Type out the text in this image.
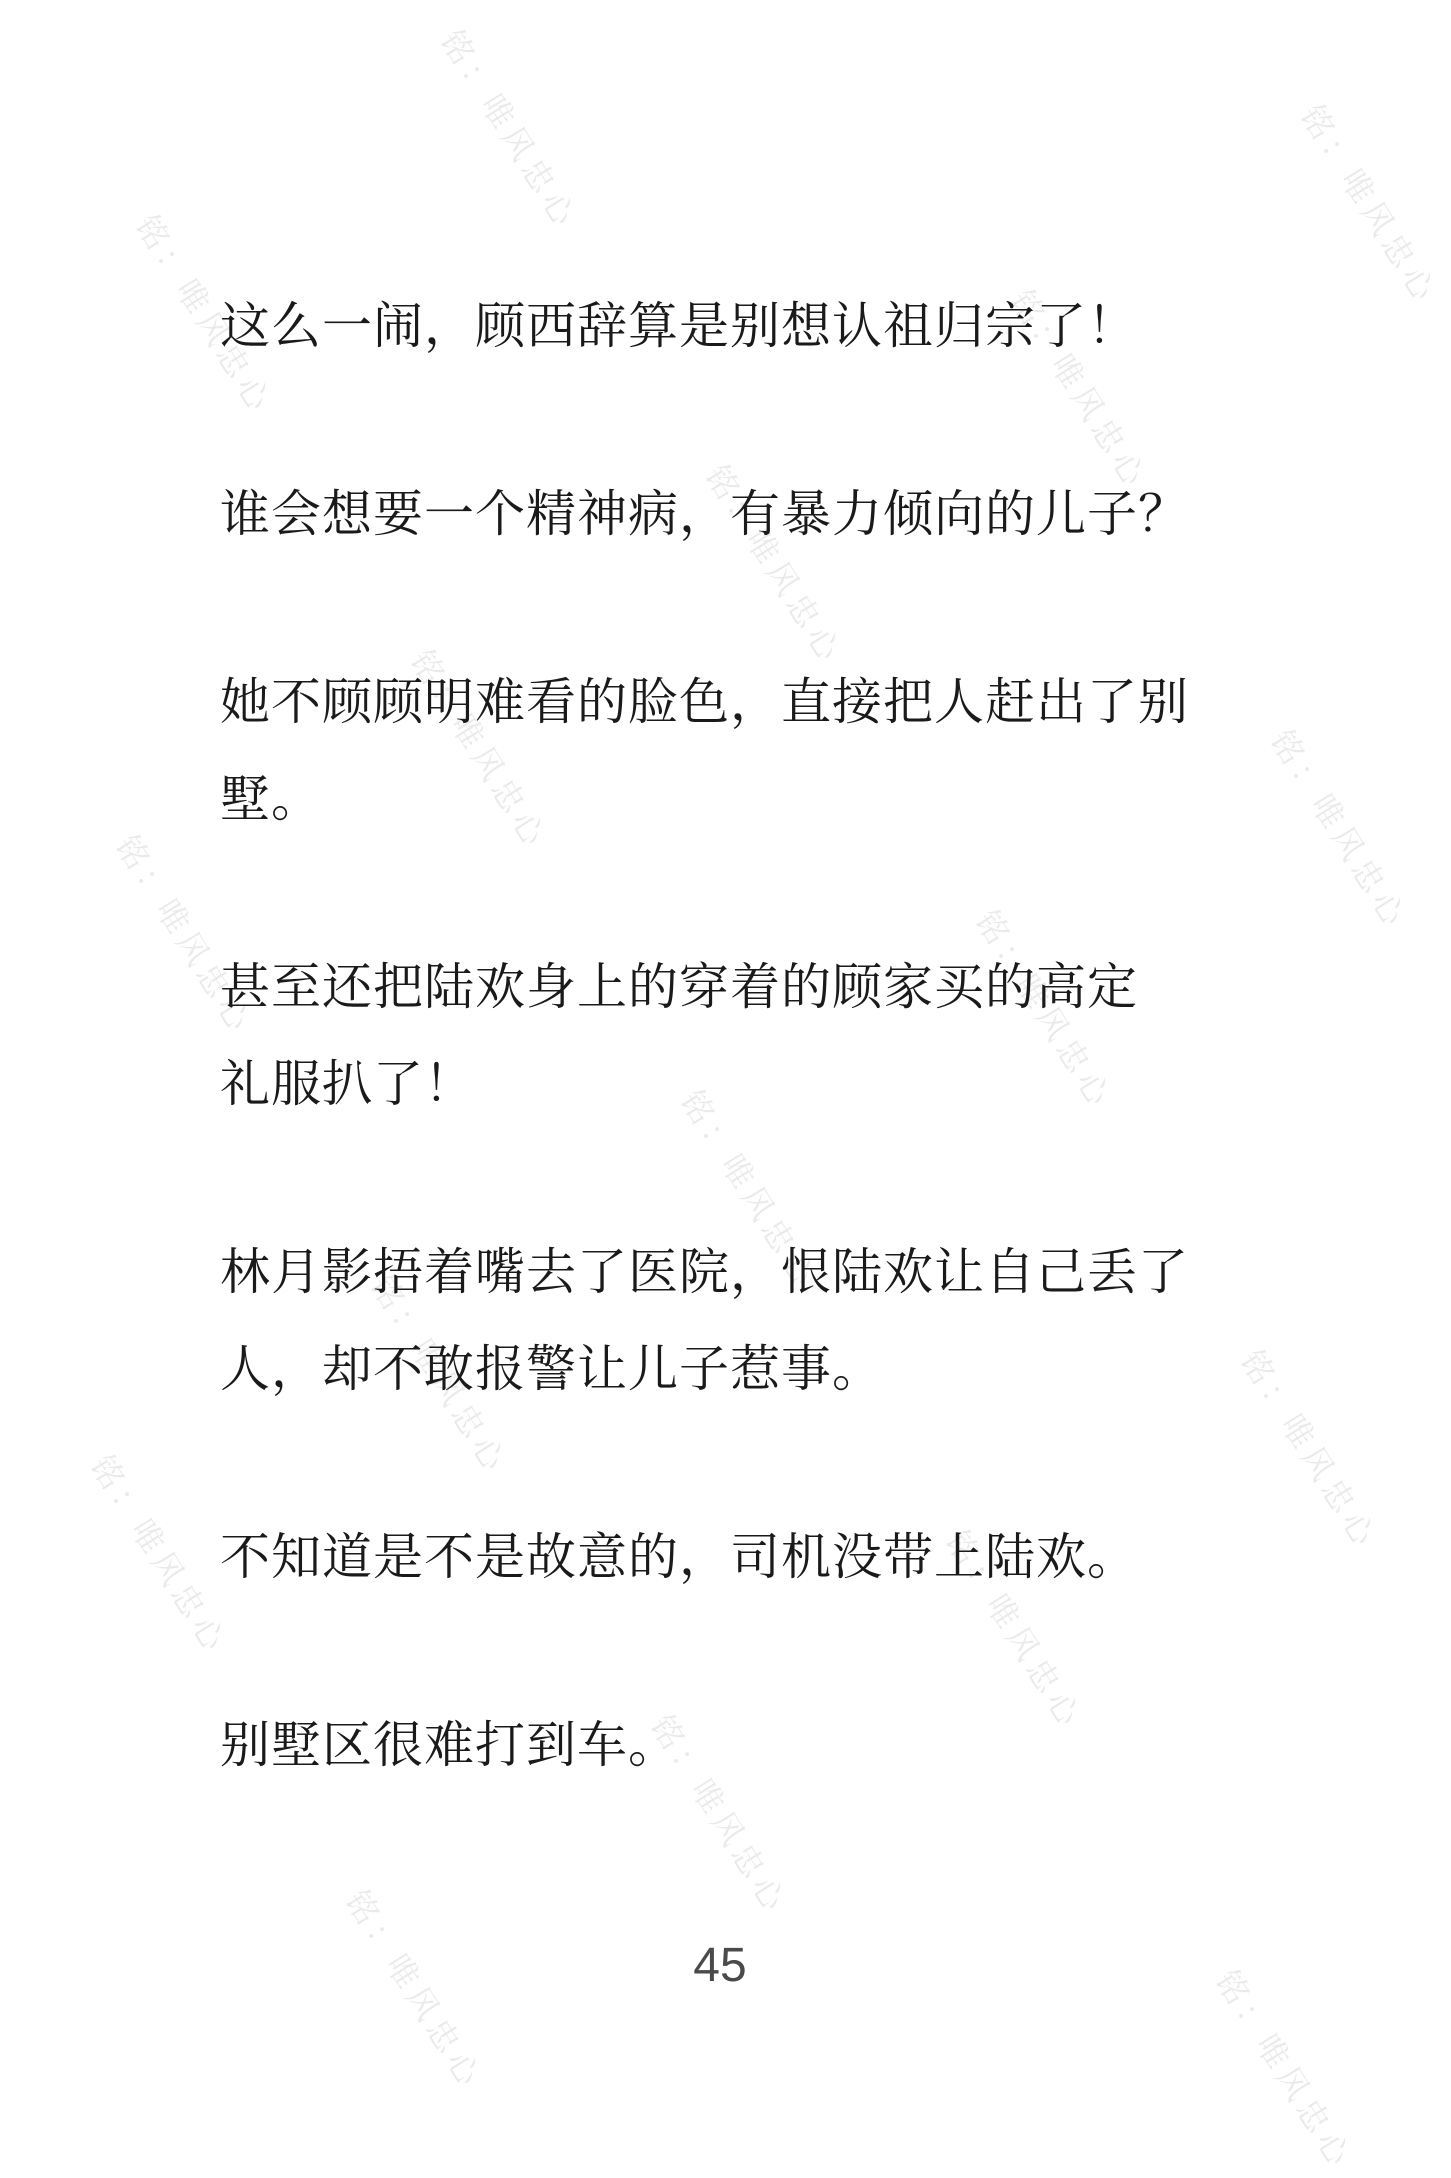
铭：唯风忠心	铭：唯风忠心
铭：唯风忠心	铭：唯风忠心
铭：唯风忠心
铭：唯风忠心	铭：唯风忠心
铭：唯风忠心	铭：唯风忠心
铭：唯风忠心
铭：唯风忠心	铭：唯风忠心
铭：唯风忠心	铭：唯风忠心
铭：唯风忠心
铭：唯风忠心	铭：唯风忠心

这么一闹，顾西辞算是别想认祖归宗了！

谁会想要一个精神病，有暴力倾向的儿子？

她不顾顾明难看的脸色，直接把人赶出了别
墅。

甚至还把陆欢身上的穿着的顾家买的高定
礼服扒了！

林月影捂着嘴去了医院，恨陆欢让自己丢了
人，却不敢报警让儿子惹事。

不知道是不是故意的，司机没带上陆欢。

别墅区很难打到车。

45
